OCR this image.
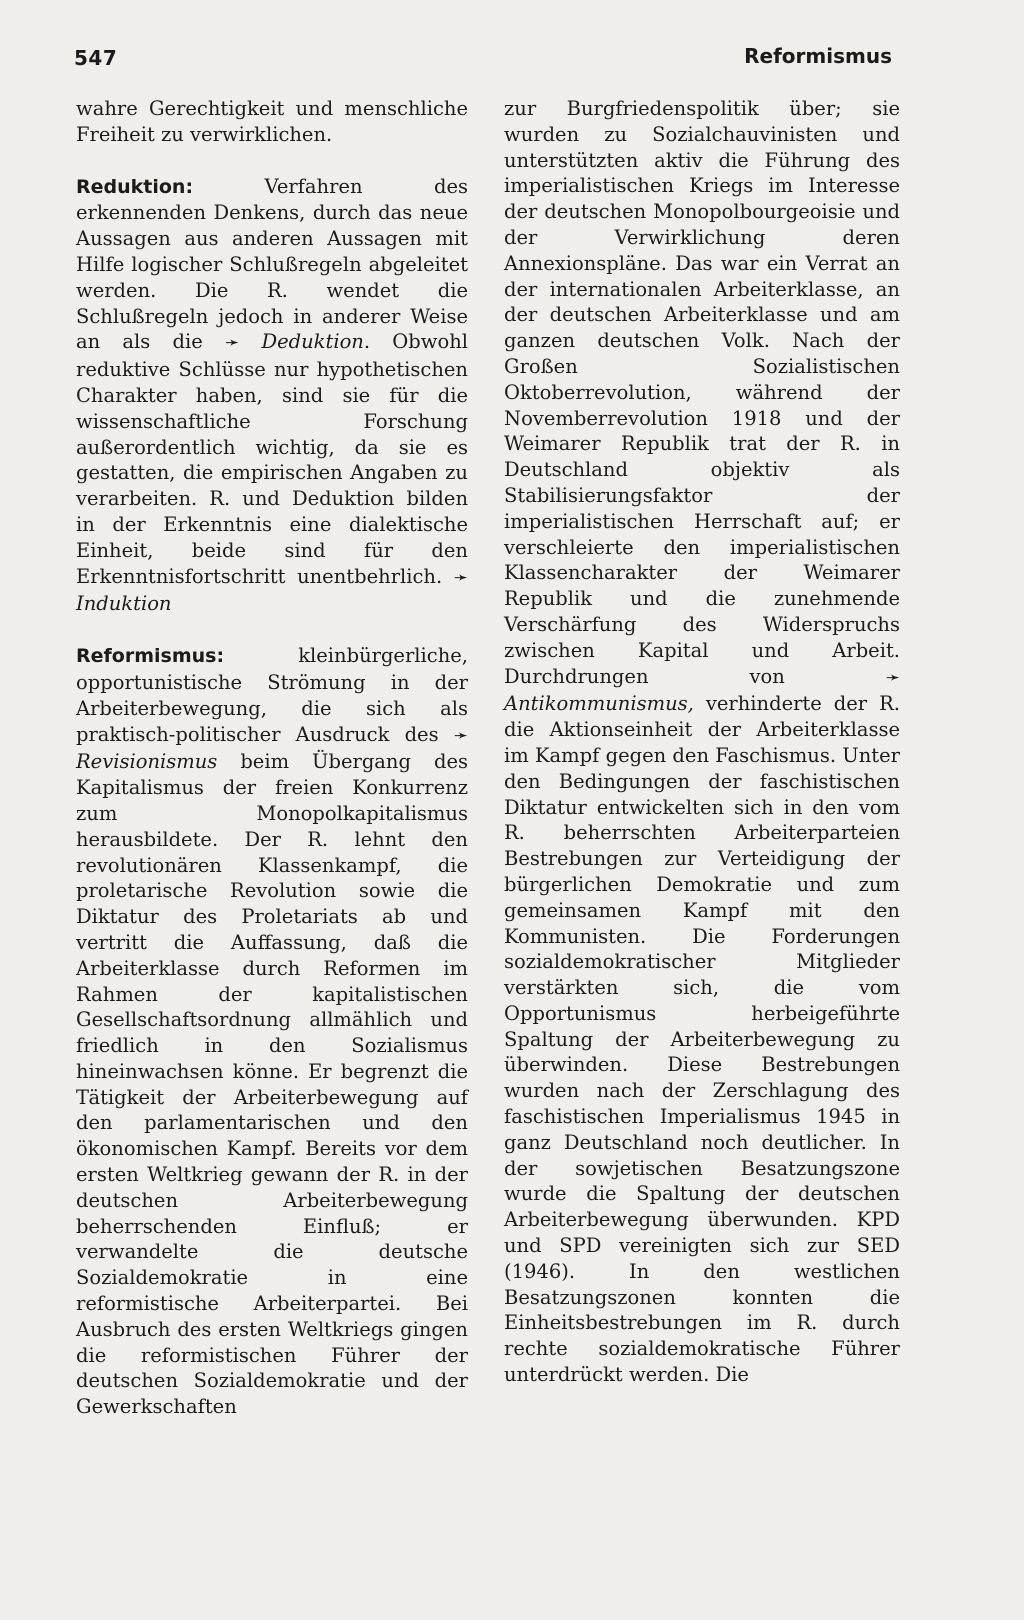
547	Reformismus

wahre Gerechtigkeit und menschliche Freiheit zu verwirklichen.

Reduktion: Verfahren des erkennenden Denkens, durch das neue Aussagen aus anderen Aussagen mit Hilfe logischer Schlußregeln abgeleitet werden. Die R. wendet die Schlußregeln jedoch in anderer Weise an als die ➛ Deduktion. Obwohl reduktive Schlüsse nur hypothetischen Charakter haben, sind sie für die wissenschaftliche Forschung außerordentlich wichtig, da sie es gestatten, die empirischen Angaben zu verarbeiten. R. und Deduktion bilden in der Erkenntnis eine dialektische Einheit, beide sind für den Erkenntnisfortschritt unentbehrlich. ➛ Induktion

Reformismus: kleinbürgerliche, opportunistische Strömung in der Arbeiterbewegung, die sich als praktisch-politischer Ausdruck des ➛ Revisionismus beim Übergang des Kapitalismus der freien Konkurrenz zum Monopolkapitalismus herausbildete. Der R. lehnt den revolutionären Klassenkampf, die proletarische Revolution sowie die Diktatur des Proletariats ab und vertritt die Auffassung, daß die Arbeiterklasse durch Reformen im Rahmen der kapitalistischen Gesellschaftsordnung allmählich und friedlich in den Sozialismus hineinwachsen könne. Er begrenzt die Tätigkeit der Arbeiterbewegung auf den parlamentarischen und den ökonomischen Kampf. Bereits vor dem ersten Weltkrieg gewann der R. in der deutschen Arbeiterbewegung beherrschenden Einfluß; er verwandelte die deutsche Sozialdemokratie in eine reformistische Arbeiterpartei. Bei Ausbruch des ersten Weltkriegs gingen die reformistischen Führer der deutschen Sozialdemokratie und der Gewerkschaften

zur Burgfriedenspolitik über; sie wurden zu Sozialchauvinisten und unterstützten aktiv die Führung des imperialistischen Kriegs im Interesse der deutschen Monopolbourgeoisie und der Verwirklichung deren Annexionspläne. Das war ein Verrat an der internationalen Arbeiterklasse, an der deutschen Arbeiterklasse und am ganzen deutschen Volk. Nach der Großen Sozialistischen Oktoberrevolution, während der Novemberrevolution 1918 und der Weimarer Republik trat der R. in Deutschland objektiv als Stabilisierungsfaktor der imperialistischen Herrschaft auf; er verschleierte den imperialistischen Klassencharakter der Weimarer Republik und die zunehmende Verschärfung des Widerspruchs zwischen Kapital und Arbeit. Durchdrungen von ➛ Antikommunismus, verhinderte der R. die Aktionseinheit der Arbeiterklasse im Kampf gegen den Faschismus. Unter den Bedingungen der faschistischen Diktatur entwickelten sich in den vom R. beherrschten Arbeiterparteien Bestrebungen zur Verteidigung der bürgerlichen Demokratie und zum gemeinsamen Kampf mit den Kommunisten. Die Forderungen sozialdemokratischer Mitglieder verstärkten sich, die vom Opportunismus herbeigeführte Spaltung der Arbeiterbewegung zu überwinden. Diese Bestrebungen wurden nach der Zerschlagung des faschistischen Imperialismus 1945 in ganz Deutschland noch deutlicher. In der sowjetischen Besatzungszone wurde die Spaltung der deutschen Arbeiterbewegung überwunden. KPD und SPD vereinigten sich zur SED (1946). In den westlichen Besatzungszonen konnten die Einheitsbestrebungen im R. durch rechte sozialdemokratische Führer unterdrückt werden. Die
